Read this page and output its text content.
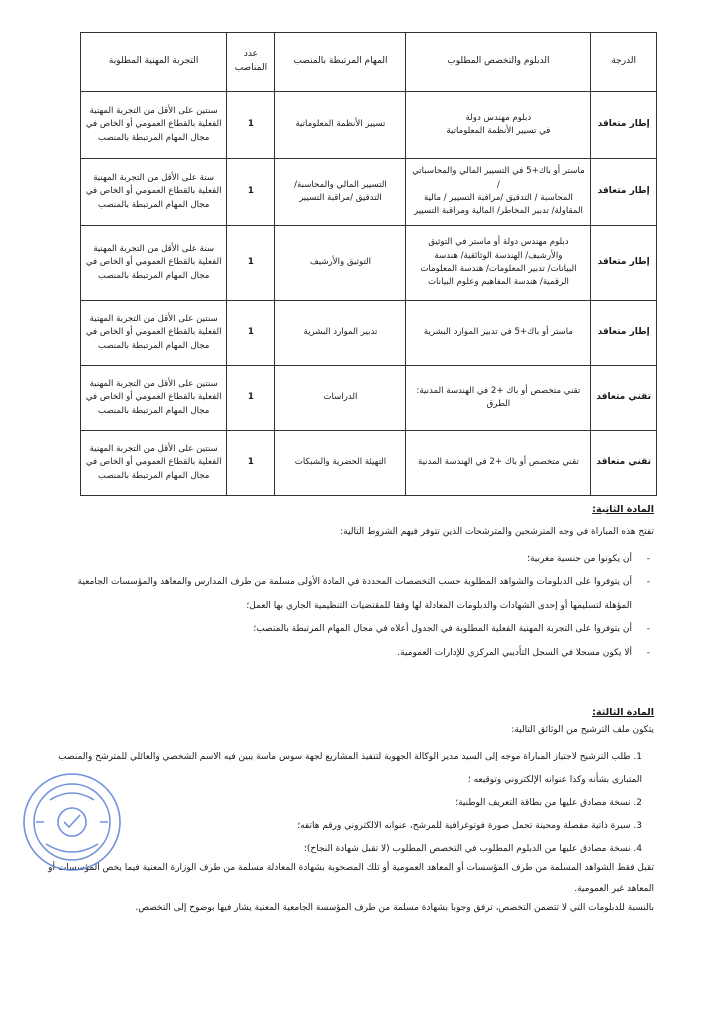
الدرجة	الدبلوم والتخصص المطلوب	المهام المرتبطة بالمنصب	عدد
المناصب	التجربة المهنية المطلوبة
إطار متعاقد	دبلوم مهندس دولة
في تسيير الأنظمة المعلوماتية	تسيير الأنظمة المعلوماتية	1	سنتين على الأقل من التجربة المهنية
الفعلية بالقطاع العمومي أو الخاص في
مجال المهام المرتبطة بالمنصب
إطار متعاقد	ماستر أو باك+5 في التسيير المالي والمحاسباتي /
المحاسبة / التدقيق /مراقبة التسيير / مالية
المقاولة/ تدبير المخاطر/ المالية ومراقبة التسيير	التسيير المالي والمحاسبة/
التدقيق /مراقبة التسيير	1	سنة على الأقل من التجربة المهنية
الفعلية بالقطاع العمومي أو الخاص في
مجال المهام المرتبطة بالمنصب
إطار متعاقد	دبلوم مهندس دولة أو ماستر في التوثيق
والأرشيف/ الهندسة الوثائقية/ هندسة
البيانات/ تدبير المعلومات/ هندسة المعلومات
الرقمية/ هندسة المفاهيم وعلوم البيانات	التوثيق والأرشيف	1	سنة على الأقل من التجربة المهنية
الفعلية بالقطاع العمومي أو الخاص في
مجال المهام المرتبطة بالمنصب
إطار متعاقد	ماستر أو باك+5 في تدبير الموارد البشرية	تدبير الموارد البشرية	1	سنتين على الأقل من التجربة المهنية
الفعلية بالقطاع العمومي أو الخاص في
مجال المهام المرتبطة بالمنصب
تقني متعاقد	تقني متخصص أو باك +2 في الهندسة المدنية:
الطرق	الدراسات	1	سنتين على الأقل من التجربة المهنية
الفعلية بالقطاع العمومي أو الخاص في
مجال المهام المرتبطة بالمنصب
تقني متعاقد	تقني متخصص أو باك +2 في الهندسة المدنية	التهيئة الحضرية والشبكات	1	سنتين على الأقل من التجربة المهنية
الفعلية بالقطاع العمومي أو الخاص في
مجال المهام المرتبطة بالمنصب
المادة الثانية:
تفتح هذه المباراة في وجه المترشحين والمترشحات الذين تتوفر فيهم الشروط التالية:
- أن يكونوا من جنسية مغربية؛
- أن يتوفروا على الدبلومات والشواهد المطلوبة حسب التخصصات المحددة في المادة الأولى مسلمة من طرف المدارس والمعاهد والمؤسسات الجامعية المؤهلة لتسليمها أو إحدى الشهادات والدبلومات المعادلة لها وفقا للمقتضيات التنظيمية الجاري بها العمل؛
- أن يتوفروا على التجربة المهنية الفعلية المطلوبة في الجدول أعلاه في مجال المهام المرتبطة بالمنصب؛
- ألا يكون مسجلا في السجل التأديبي المركزي للإدارات العمومية.
المادة الثالثة:
يتكون ملف الترشيح من الوثائق التالية:
1. طلب الترشيح لاجتياز المباراة موجه إلى السيد مدير الوكالة الجهوية لتنفيذ المشاريع لجهة سوس ماسة يبين فيه الاسم الشخصي والعائلي للمترشح والمنصب المتبارى بشأنه وكذا عنوانه الإلكتروني وتوقيعه ؛
2. نسخة مصادق عليها من بطاقة التعريف الوطنية؛
3. سيرة ذاتية مفصلة ومحينة تحمل صورة فوتوغرافية للمرشح، عنوانه الالكتروني ورقم هاتفه؛
4. نسخة مصادق عليها من الدبلوم المطلوب في التخصص المطلوب (لا تقبل شهادة النجاح)؛
تقبل فقط الشواهد المسلمة من طرف المؤسسات أو المعاهد العمومية أو تلك المصحوبة بشهادة المعادلة مسلمة من طرف الوزارة المعنية فيما يخص المؤسسات أو المعاهد غير العمومية.
بالنسبة للدبلومات التي لا تتضمن التخصص، ترفق وجوبا بشهادة مسلمة من طرف المؤسسة الجامعية المعنية يشار فيها بوضوح إلى التخصص.
